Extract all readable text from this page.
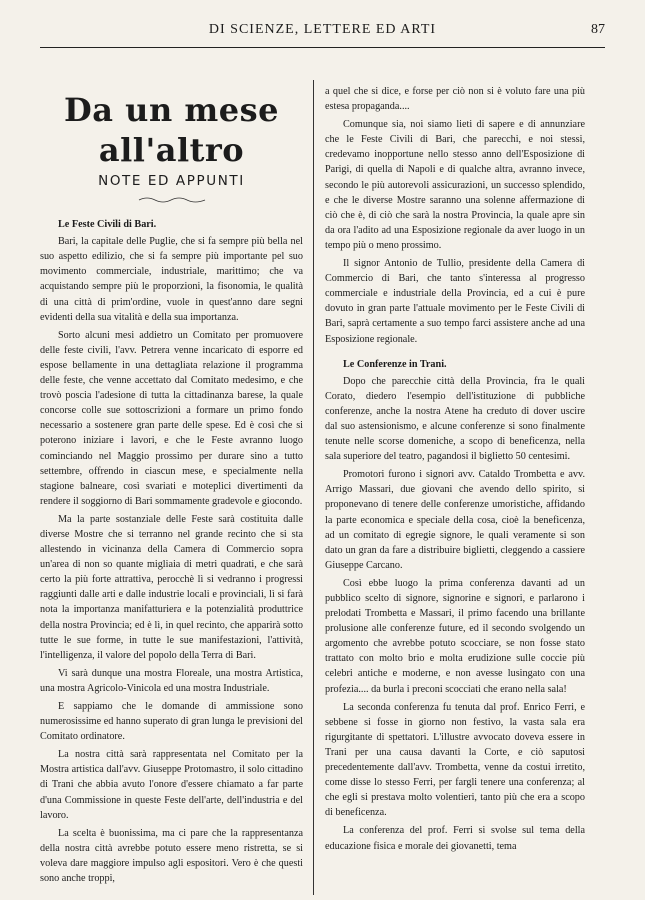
DI SCIENZE, LETTERE ED ARTI	87
Da un mese all'altro
NOTE ED APPUNTI
Le Feste Civili di Bari.

Bari, la capitale delle Puglie, che si fa sempre più bella nel suo aspetto edilizio, che si fa sempre più importante pel suo movimento commerciale, industriale, marittimo; che va acquistando sempre più le proporzioni, la fisonomia, le qualità di una città di prim'ordine, vuole in quest'anno dare segni evidenti della sua vitalità e della sua importanza.

Sorto alcuni mesi addietro un Comitato per promuovere delle feste civili, l'avv. Petrera venne incaricato di esporre ed espose bellamente in una dettagliata relazione il programma delle feste, che venne accettato dal Comitato medesimo, e che trovò poscia l'adesione di tutta la cittadinanza barese, la quale concorse colle sue sottoscrizioni a formare un primo fondo necessario a sostenere gran parte delle spese. Ed è così che si poterono iniziare i lavori, e che le Feste avranno luogo cominciando nel Maggio prossimo per durare sino a tutto settembre, offrendo in ciascun mese, e specialmente nella stagione balneare, così svariati e moteplici divertimenti da rendere il soggiorno di Bari sommamente gradevole e giocondo.

Ma la parte sostanziale delle Feste sarà costituita dalle diverse Mostre che si terranno nel grande recinto che si sta allestendo in vicinanza della Camera di Commercio sopra un'area di non so quante migliaia di metri quadrati, e che sarà certo la più forte attrattiva, perocchè lì si vedranno i progressi raggiunti dalle arti e dalle industrie locali e provinciali, lì si farà nota la importanza manifatturiera e la potenzialità produttrice della nostra Provincia; ed è lì, in quel recinto, che apparirà sotto tutte le sue forme, in tutte le sue manifestazioni, l'attività, l'intelligenza, il valore del popolo della Terra di Bari.

Vi sarà dunque una mostra Floreale, una mostra Artistica, una mostra Agricolo-Vinicola ed una mostra Industriale.

E sappiamo che le domande di ammissione sono numerosissime ed hanno superato di gran lunga le previsioni del Comitato ordinatore.

La nostra città sarà rappresentata nel Comitato per la Mostra artistica dall'avv. Giuseppe Protomastro, il solo cittadino di Trani che abbia avuto l'onore d'essere chiamato a far parte d'una Commissione in queste Feste dell'arte, dell'industria e del lavoro.

La scelta è buonissima, ma ci pare che la rappresentanza della nostra città avrebbe potuto essere meno ristretta, se si voleva dare maggiore impulso agli espositori. Vero è che questi sono anche troppi,

a quel che si dice, e forse per ciò non si è voluto fare una più estesa propaganda....

Comunque sia, noi siamo lieti di sapere e di annunziare che le Feste Civili di Bari, che parecchi, e noi stessi, credevamo inopportune nello stesso anno dell'Esposizione di Parigi, di quella di Napoli e di qualche altra, avranno invece, secondo le più autorevoli assicurazioni, un successo splendido, e che le diverse Mostre saranno una solenne affermazione di ciò che è, di ciò che sarà la nostra Provincia, la quale apre sin da ora l'adito ad una Esposizione regionale da aver luogo in un tempo più o meno prossimo.

Il signor Antonio de Tullio, presidente della Camera di Commercio di Bari, che tanto s'interessa al progresso commerciale e industriale della Provincia, ed a cui è pure dovuto in gran parte l'attuale movimento per le Feste Civili di Bari, saprà certamente a suo tempo farci assistere anche ad una Esposizione regionale.

Le Conferenze in Trani.

Dopo che parecchie città della Provincia, fra le quali Corato, diedero l'esempio dell'istituzione di pubbliche conferenze, anche la nostra Atene ha creduto di dover uscire dal suo astensionismo, e alcune conferenze si sono finalmente tenute nelle scorse domeniche, a scopo di beneficenza, nella sala superiore del teatro, pagandosi il biglietto 50 centesimi.

Promotori furono i signori avv. Cataldo Trombetta e avv. Arrigo Massari, due giovani che avendo dello spirito, si proponevano di tenere delle conferenze umoristiche, affidando la parte economica e speciale della cosa, cioè la beneficenza, ad un comitato di egregie signore, le quali veramente si son dato un gran da fare a distribuire biglietti, cleggendo a cassiere Giuseppe Carcano.

Così ebbe luogo la prima conferenza davanti ad un pubblico scelto di signore, signorine e signori, e parlarono i prelodati Trombetta e Massari, il primo facendo una brillante prolusione alle conferenze future, ed il secondo svolgendo un argomento che avrebbe potuto scocciare, se non fosse stato trattato con molto brio e molta erudizione sulle coccie più celebri antiche e moderne, e non avesse lusingato con una profezia.... da burla i preconi scocciati che erano nella sala!

La seconda conferenza fu tenuta dal prof. Enrico Ferri, e sebbene si fosse in giorno non festivo, la vasta sala era rigurgitante di spettatori. L'illustre avvocato doveva essere in Trani per una causa davanti la Corte, e ciò saputosi precedentemente dall'avv. Trombetta, venne da costui irretito, come disse lo stesso Ferri, per fargli tenere una conferenza; al che egli si prestava molto volentieri, tanto più che era a scopo di beneficenza.

La conferenza del prof. Ferri si svolse sul tema della educazione fisica e morale dei giovanetti, tema
